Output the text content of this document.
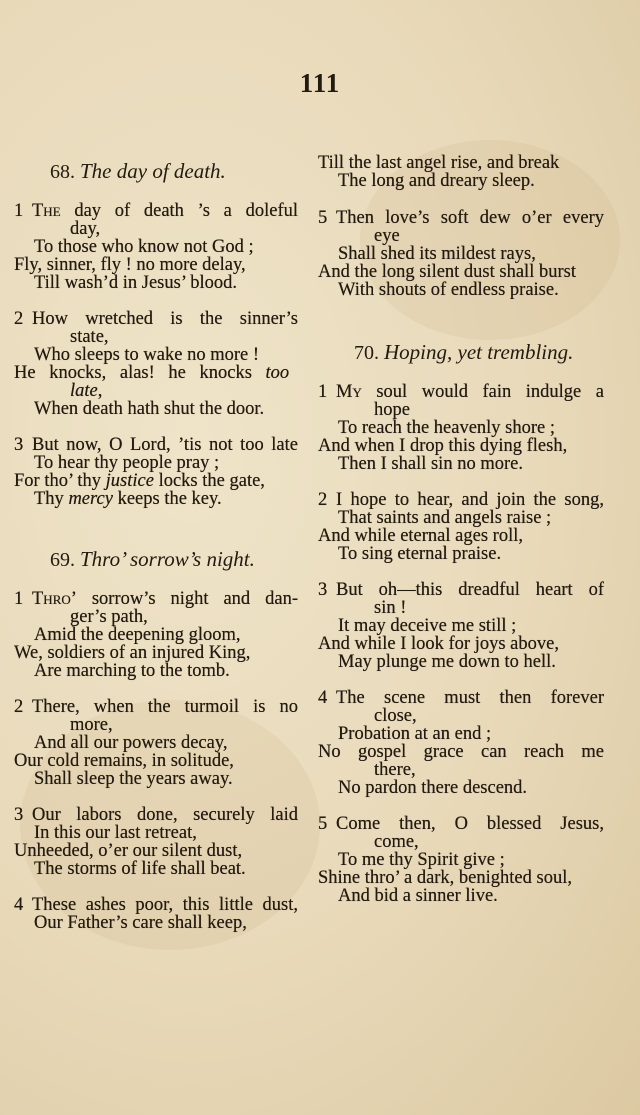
111
68. The day of death.
1 The day of death ’s a doleful
day,
To those who know not God ;
Fly, sinner, fly ! no more delay,
Till wash’d in Jesus’ blood.
2 How wretched is the sinner’s
state,
Who sleeps to wake no more !
He knocks, alas! he knocks too
late,
When death hath shut the door.
3 But now, O Lord, ’tis not too late
To hear thy people pray ;
For tho’ thy justice locks the gate,
Thy mercy keeps the key.
69. Thro’ sorrow’s night.
1 Thro’ sorrow’s night and dan-
ger’s path,
Amid the deepening gloom,
We, soldiers of an injured King,
Are marching to the tomb.
2 There, when the turmoil is no
more,
And all our powers decay,
Our cold remains, in solitude,
Shall sleep the years away.
3 Our labors done, securely laid
In this our last retreat,
Unheeded, o’er our silent dust,
The storms of life shall beat.
4 These ashes poor, this little dust,
Our Father’s care shall keep,
Till the last angel rise, and break
The long and dreary sleep.
5 Then love’s soft dew o’er every
eye
Shall shed its mildest rays,
And the long silent dust shall burst
With shouts of endless praise.
70. Hoping, yet trembling.
1 My soul would fain indulge a
hope
To reach the heavenly shore ;
And when I drop this dying flesh,
Then I shall sin no more.
2 I hope to hear, and join the song,
That saints and angels raise ;
And while eternal ages roll,
To sing eternal praise.
3 But oh—this dreadful heart of
sin !
It may deceive me still ;
And while I look for joys above,
May plunge me down to hell.
4 The scene must then forever
close,
Probation at an end ;
No gospel grace can reach me
there,
No pardon there descend.
5 Come then, O blessed Jesus,
come,
To me thy Spirit give ;
Shine thro’ a dark, benighted soul,
And bid a sinner live.
